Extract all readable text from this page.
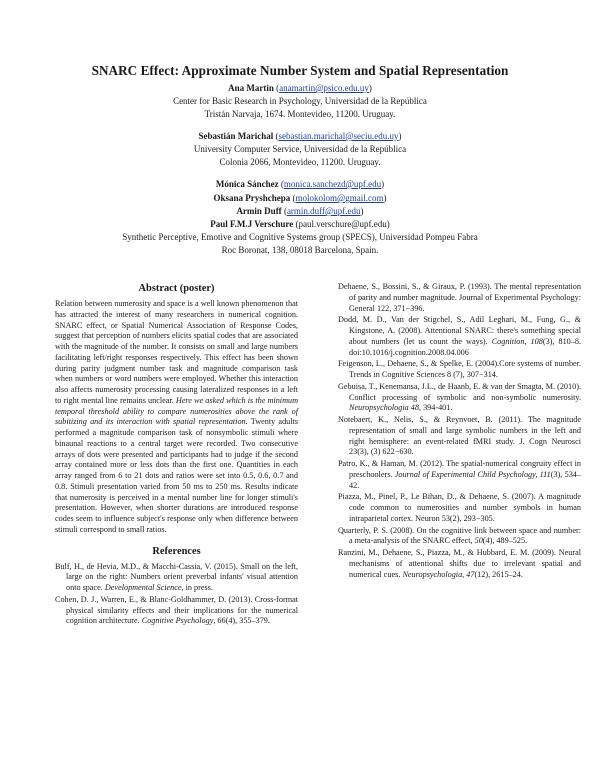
SNARC Effect: Approximate Number System and Spatial Representation
Ana Martin (anamartin@psico.edu.uy)
Center for Basic Research in Psychology, Universidad de la República
Tristán Narvaja, 1674. Montevideo, 11200. Uruguay.
Sebastián Marichal (sebastian.marichal@seciu.edu.uy)
University Computer Service, Universidad de la República
Colonia 2066, Montevideo, 11200. Uruguay.
Mónica Sánchez (monica.sanchezd@upf.edu)
Oksana Pryshchepa (molokolom@gmail.com)
Armin Duff (armin.duff@upf.edu)
Paul F.M.J Verschure (paul.verschure@upf.edu)
Synthetic Perceptive, Emotive and Cognitive Systems group (SPECS), Universidad Pompeu Fabra
Roc Boronat, 138, 08018 Barcelona, Spain.
Abstract (poster)

Relation between numerosity and space is a well known phenomenon that has attracted the interest of many researchers in numerical cognition. SNARC effect, or Spatial Numerical Association of Response Codes, suggest that perception of numbers elicits spatial codes that are associated with the magnitude of the number. It consists on small and large numbers facilitating left/right responses respectively. This effect has been shown during parity judgment number task and magnitude comparison task when numbers or word numbers were employed. Whether this interaction also affects numerosity processing causing lateralized responses in a left to right mental line remains unclear. Here we asked which is the minimum temporal threshold ability to compare numerosities above the rank of subitizing and its interaction with spatial representation. Twenty adults performed a magnitude comparison task of nonsymbolic stimuli where binaunal reactions to a central target were recorded. Two consecutive arrays of dots were presented and participants had to judge if the second array contained more or less dots than the first one. Quantities in each array ranged from 6 to 21 dots and ratios were set into 0.5, 0.6, 0.7 and 0.8. Stimuli presentation varied from 50 ms to 250 ms. Results indicate that numerosity is perceived in a mental number line for longer stimuli's presentation. However, when shorter durations are introduced response codes seem to influence subject's response only when difference between stimuli correspond to small ratios.

References
Bulf, H., de Hevia, M.D., & Macchi-Cassia, V. (2015). Small on the left, large on the right: Numbers orient preverbal infants' visual attention onto space. Developmental Science, in press.
Cohen, D. J., Warren, E., & Blanc-Goldhammer, D. (2013). Cross-format physical similarity effects and their implications for the numerical cognition architecture. Cognitive Psychology, 66(4), 355–379.
Dehaene, S., Bossini, S., & Giraux, P. (1993). The mental representation of parity and number magnitude. Journal of Experimental Psychology: General 122, 371−396.
Dodd, M. D., Van der Stigchel, S., Adil Leghari, M., Fung, G., & Kingstone, A. (2008). Attentional SNARC: there's something special about numbers (let us count the ways). Cognition, 108(3), 810–8. doi:10.1016/j.cognition.2008.04.006
Feigenson, L., Dehaene, S., & Spelke, E. (2004).Core systems of number. Trends in Cognitive Sciences 8 (7), 307−314.
Gebuisa, T., Kenemansa, J.L., de Haanb, E. & van der Smagta, M. (2010). Conflict processing of symbolic and non-symbolic numerosity. Neuropsychologia 48, 394-401.
Notebaert, K., Nelis, S., & Reynvoet, B. (2011). The magnitude representation of small and large symbolic numbers in the left and right hemisphere: an event-related fMRI study. J. Cogn Neurosci 23(3), (3) 622−630.
Patro, K., & Haman, M. (2012). The spatial-numerical congruity effect in preschoolers. Journal of Experimental Child Psychology, 111(3), 534–42.
Piazza, M., Pinel, P., Le Bihan, D., & Dehaene, S. (2007). A magnitude code common to numerosities and number symbols in human intraparietal cortex. Neuron 53(2), 293−305.
Quarterly, P. S. (2008). On the cognitive link between space and number: a meta-analysis of the SNARC effect, 50(4), 489–525.
Ranzini, M., Dehaene, S., Piazza, M., & Hubbard, E. M. (2009). Neural mechanisms of attentional shifts due to irrelevant spatial and numerical cues. Neuropsychologia, 47(12), 2615–24.
